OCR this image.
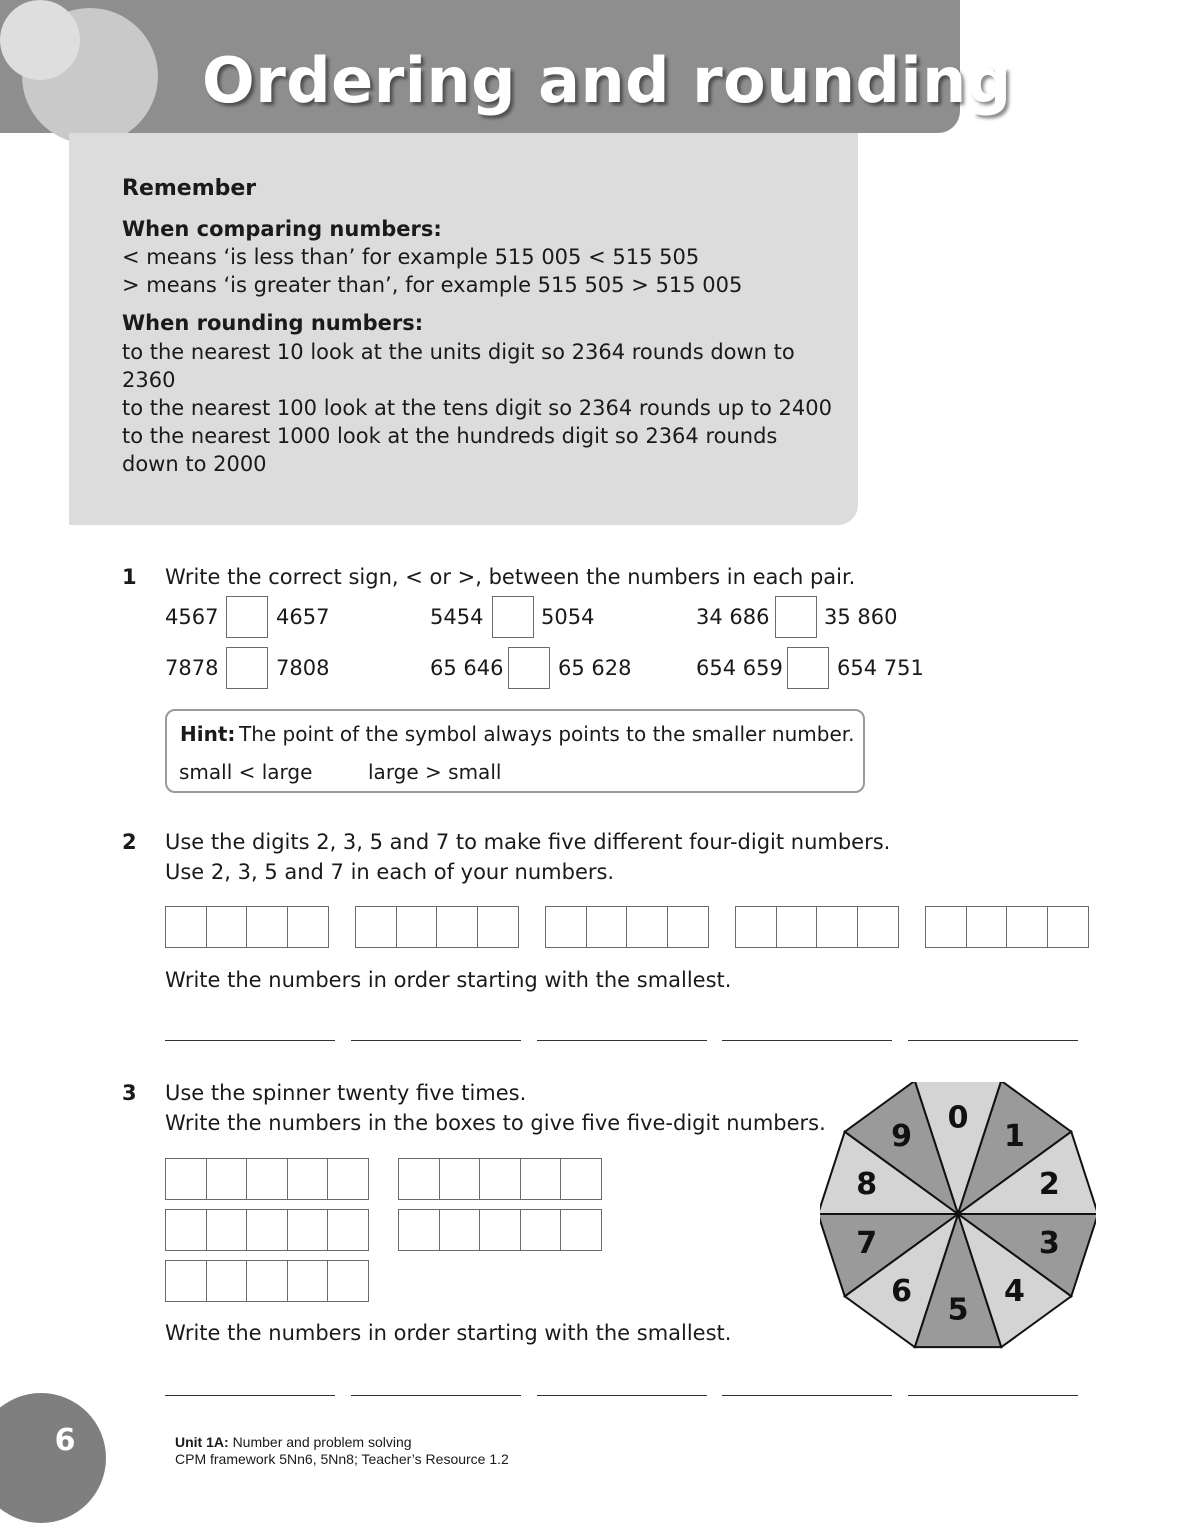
Ordering and rounding
Remember
When comparing numbers:
< means ‘is less than’ for example 515 005 < 515 505
> means ‘is greater than’, for example 515 505 > 515 005
When rounding numbers:
to the nearest 10 look at the units digit so 2364 rounds down to
2360
to the nearest 100 look at the tens digit so 2364 rounds up to 2400
to the nearest 1000 look at the hundreds digit so 2364 rounds
down to 2000
1 Write the correct sign, < or >, between the numbers in each pair.
4567	4657	5454	5054	34 686	35 860
7878	7808	65 646	65 628	654 659	654 751
Hint: The point of the symbol always points to the smaller number.
small < large	large > small
2 Use the digits 2, 3, 5 and 7 to make five different four-digit numbers.
Use 2, 3, 5 and 7 in each of your numbers.
Write the numbers in order starting with the smallest.
3 Use the spinner twenty five times.
Write the numbers in the boxes to give five five-digit numbers.
Write the numbers in order starting with the smallest.
0
1
2
3
4
5
6
7
8
9
6	Unit 1A: Number and problem solving
CPM framework 5Nn6, 5Nn8; Teacher’s Resource 1.2
